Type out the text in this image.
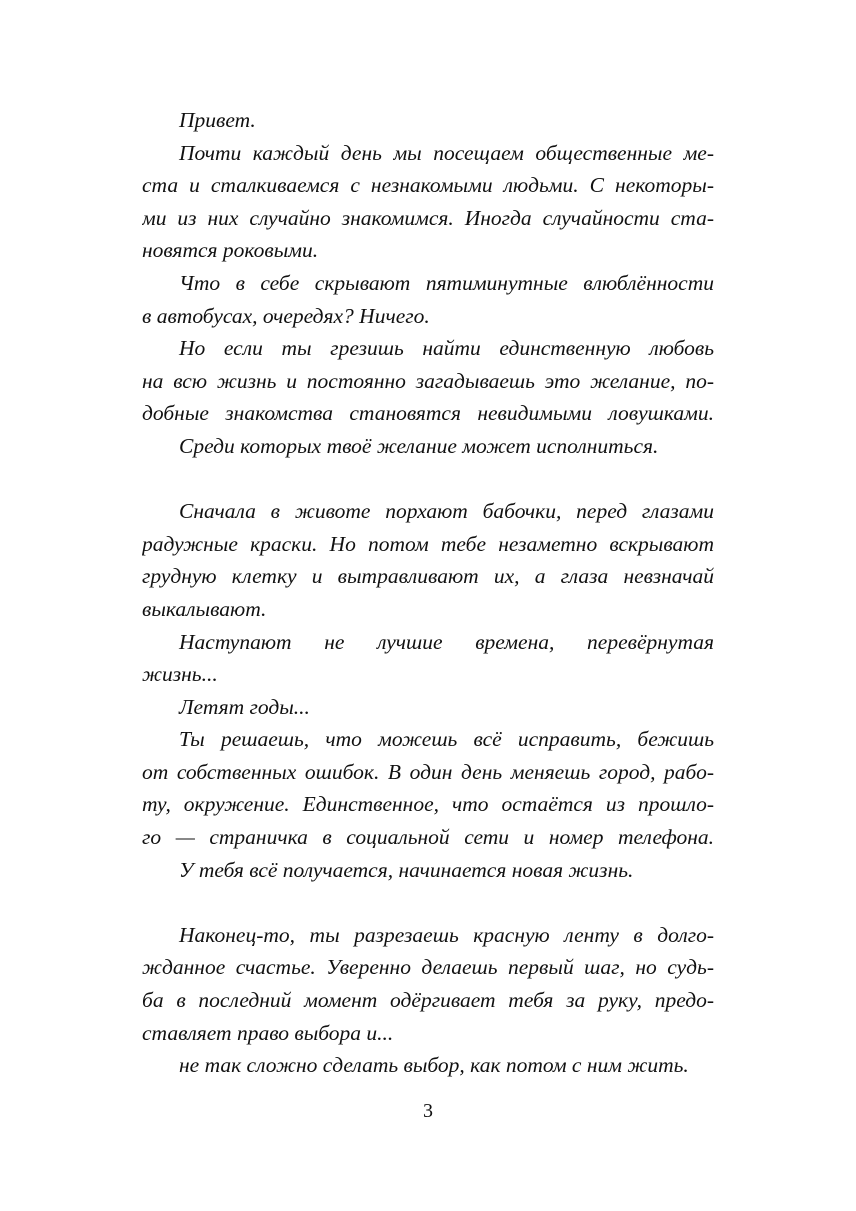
Привет.
Почти каждый день мы посещаем общественные ме-
ста и сталкиваемся с незнакомыми людьми. С некоторы-
ми из них случайно знакомимся. Иногда случайности ста-
новятся роковыми.
Что в себе скрывают пятиминутные влюблённости
в автобусах, очередях? Ничего.
Но если ты грезишь найти единственную любовь
на всю жизнь и постоянно загадываешь это желание, по-
добные знакомства становятся невидимыми ловушками.
Среди которых твоё желание может исполниться.
Сначала в животе порхают бабочки, перед глазами
радужные краски. Но потом тебе незаметно вскрывают
грудную клетку и вытравливают их, а глаза невзначай
выкалывают.
Наступают не лучшие времена, перевёрнутая
жизнь...
Летят годы...
Ты решаешь, что можешь всё исправить, бежишь
от собственных ошибок. В один день меняешь город, рабо-
ту, окружение. Единственное, что остаётся из прошло-
го — страничка в социальной сети и номер телефона.
У тебя всё получается, начинается новая жизнь.
Наконец-то, ты разрезаешь красную ленту в долго-
жданное счастье. Уверенно делаешь первый шаг, но судь-
ба в последний момент одёргивает тебя за руку, предо-
ставляет право выбора и...
не так сложно сделать выбор, как потом с ним жить.
3
